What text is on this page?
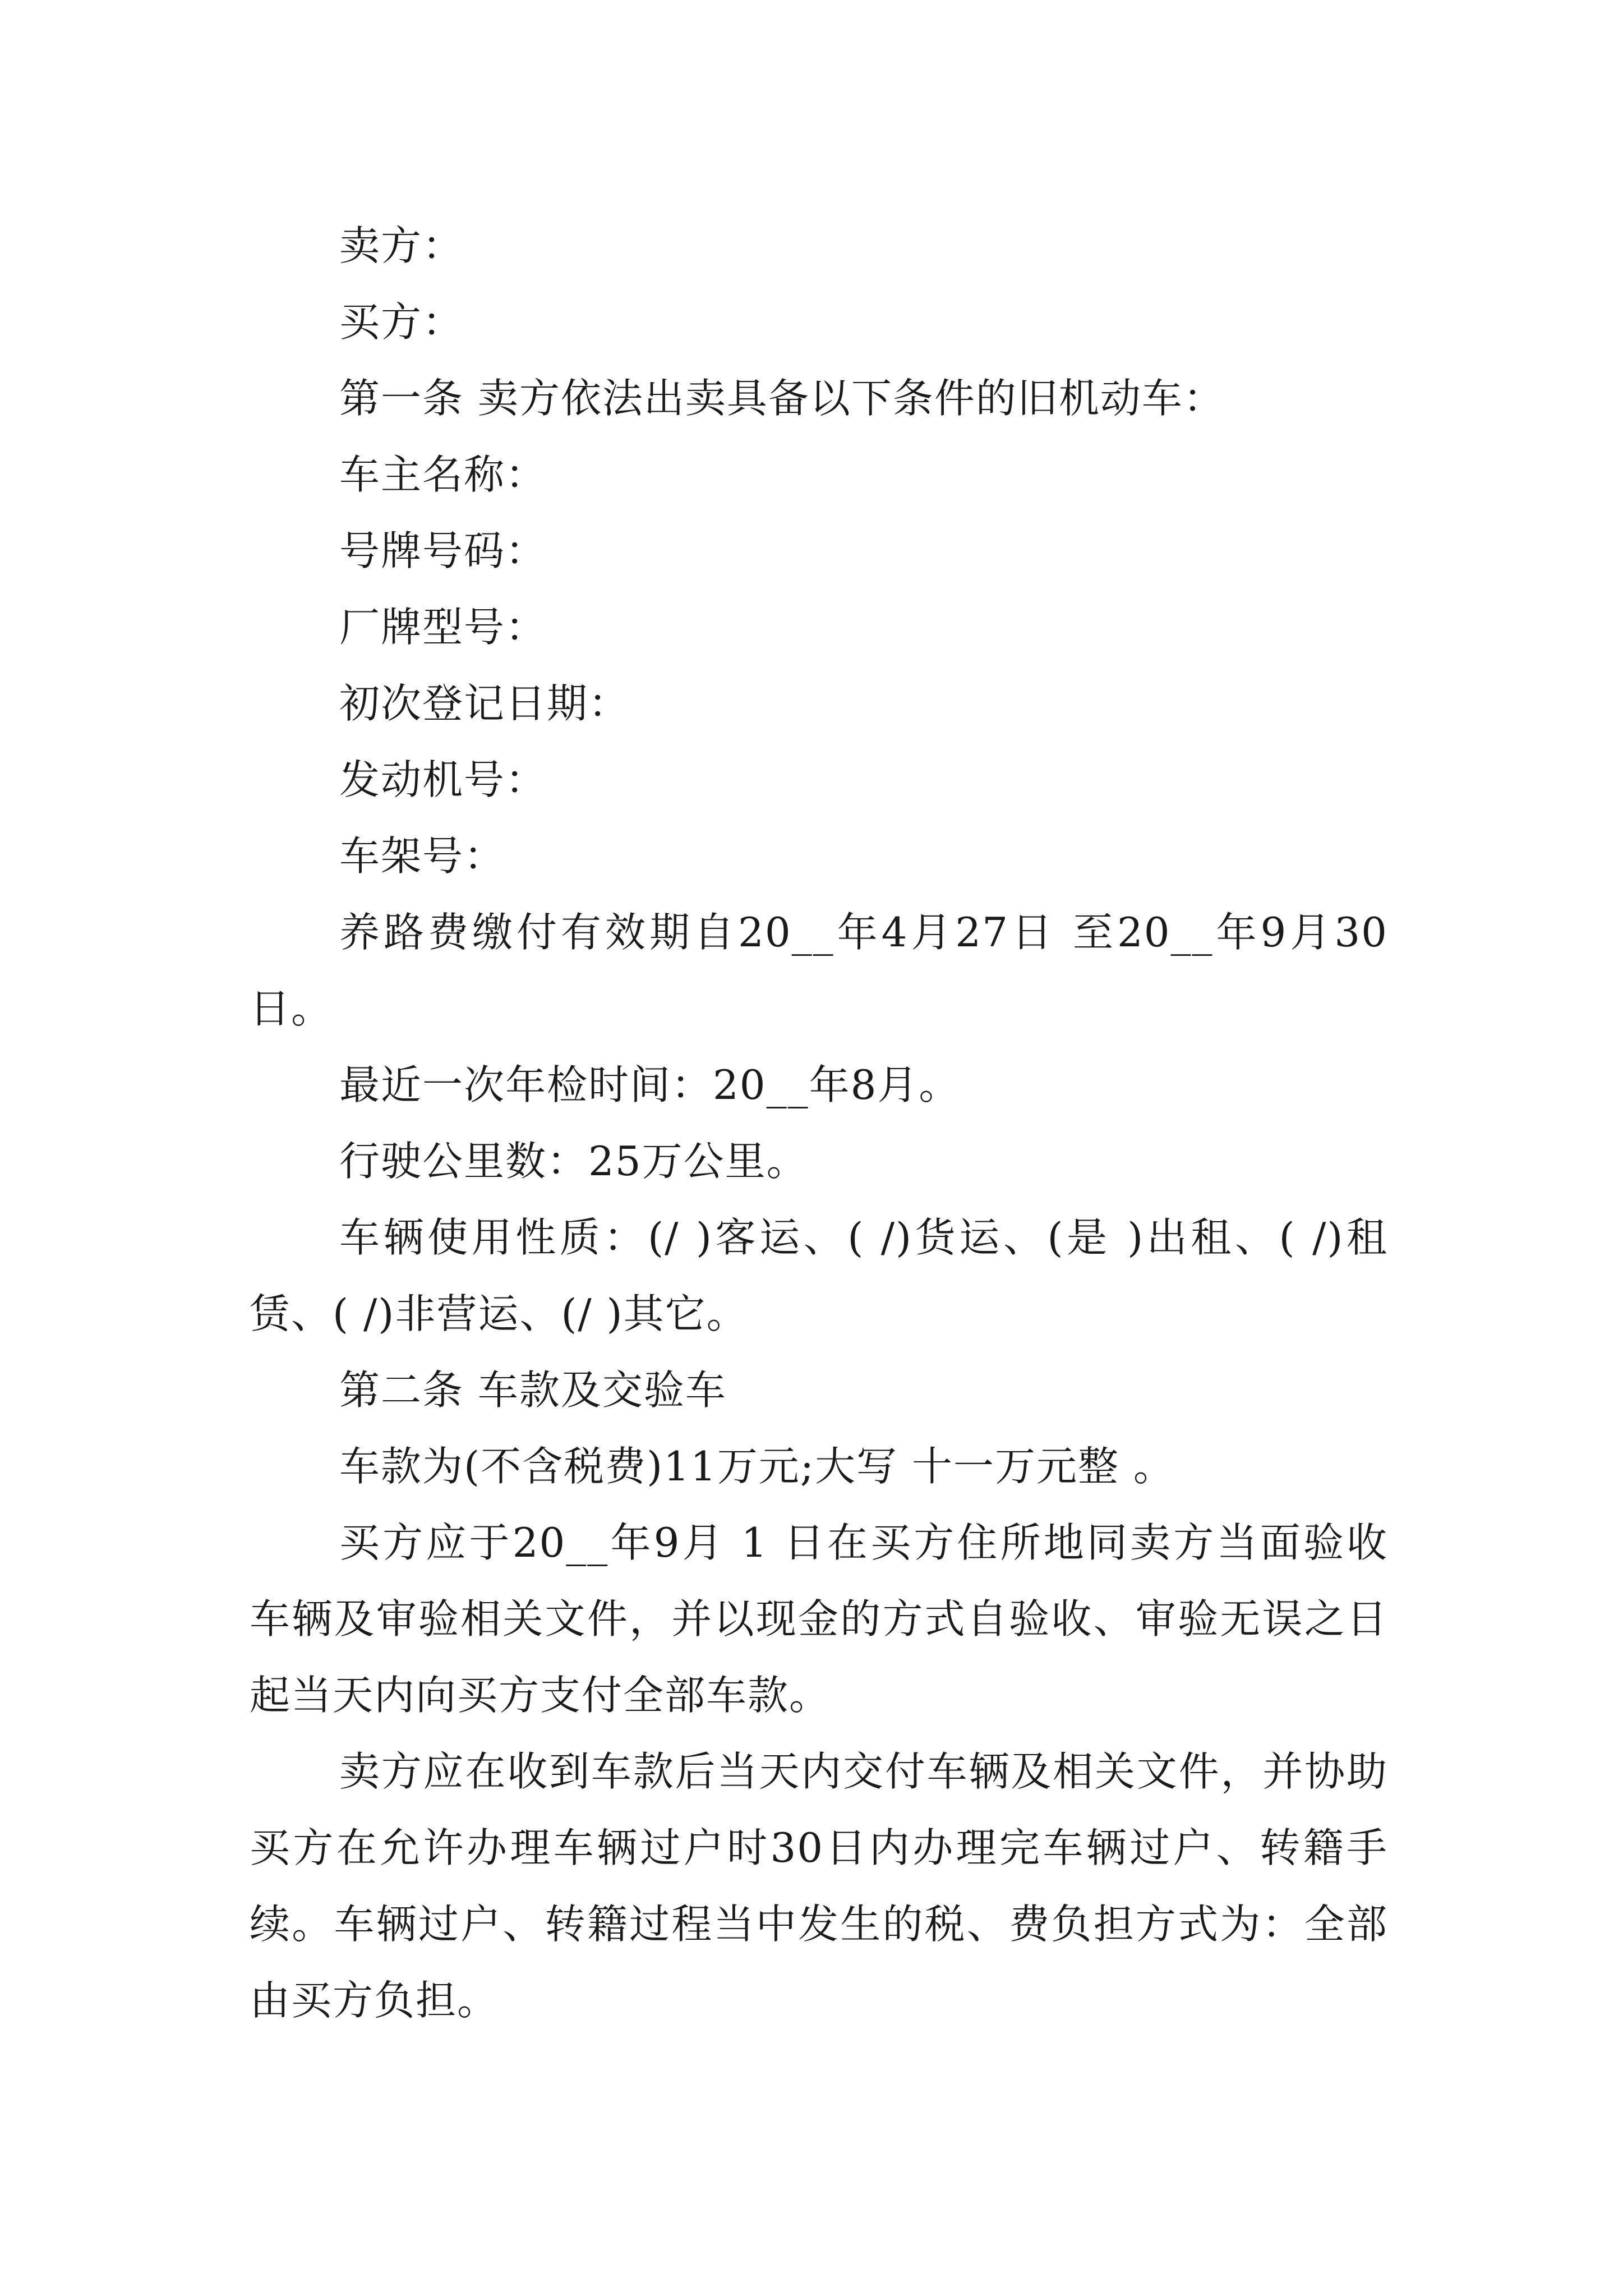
卖方：

买方：

第一条 卖方依法出卖具备以下条件的旧机动车：

车主名称：

号牌号码：

厂牌型号：

初次登记日期：

发动机号：

车架号：

养路费缴付有效期自20__年4月27日 至20__年9月30日。

最近一次年检时间：20__年8月。

行驶公里数：25万公里。

车辆使用性质：(/ )客运、( /)货运、(是 )出租、( /)租赁、( /)非营运、(/ )其它。

第二条 车款及交验车

车款为(不含税费)11万元;大写 十一万元整 。

买方应于20__年9月 1 日在买方住所地同卖方当面验收车辆及审验相关文件，并以现金的方式自验收、审验无误之日起当天内向买方支付全部车款。

卖方应在收到车款后当天内交付车辆及相关文件，并协助买方在允许办理车辆过户时30日内办理完车辆过户、转籍手续。车辆过户、转籍过程当中发生的税、费负担方式为：全部由买方负担。
